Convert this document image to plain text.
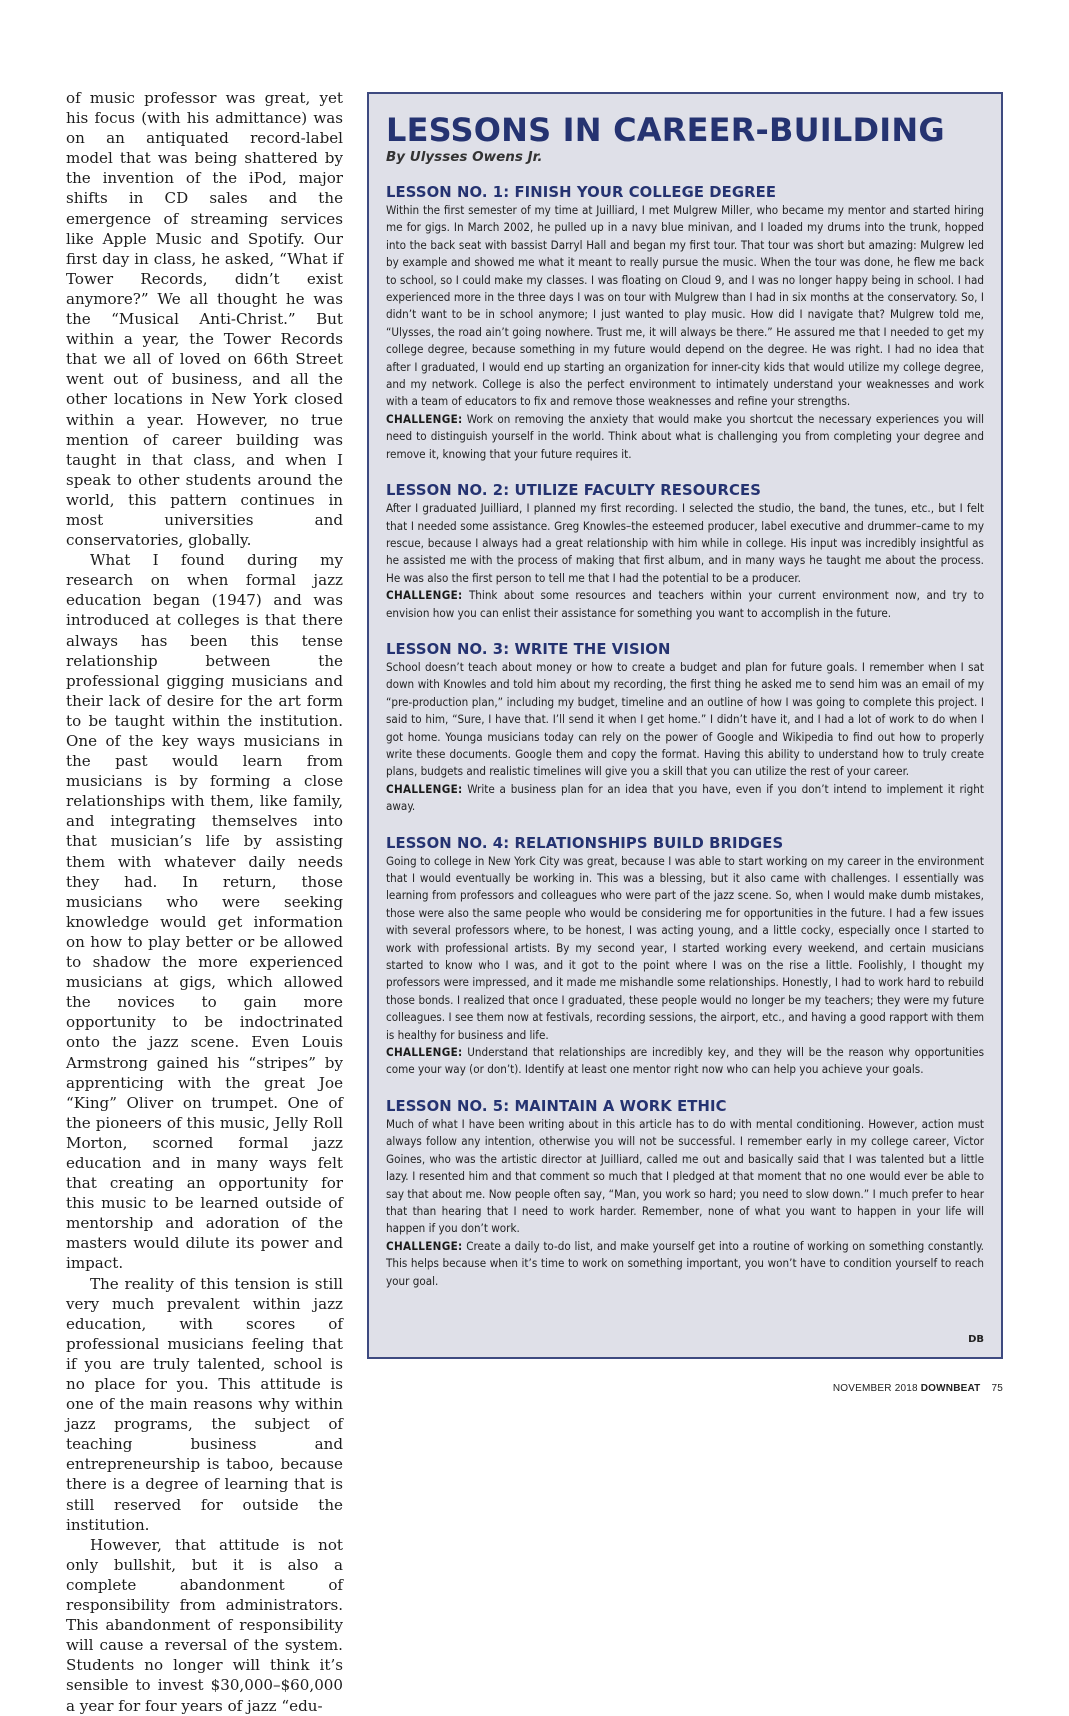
of music professor was great, yet his focus (with his admittance) was on an antiquated record-label model that was being shattered by the invention of the iPod, major shifts in CD sales and the emergence of streaming services like Apple Music and Spotify. Our first day in class, he asked, “What if Tower Records, didn’t exist anymore?” We all thought he was the “Musical Anti-Christ.” But within a year, the Tower Records that we all of loved on 66th Street went out of business, and all the other locations in New York closed within a year. However, no true mention of career building was taught in that class, and when I speak to other students around the world, this pattern continues in most universities and conservatories, globally.

What I found during my research on when formal jazz education began (1947) and was introduced at colleges is that there always has been this tense relationship between the professional gigging musicians and their lack of desire for the art form to be taught within the institution. One of the key ways musicians in the past would learn from musicians is by forming a close relationships with them, like family, and integrating themselves into that musician’s life by assisting them with whatever daily needs they had. In return, those musicians who were seeking knowledge would get information on how to play better or be allowed to shadow the more experienced musicians at gigs, which allowed the novices to gain more opportunity to be indoctrinated onto the jazz scene. Even Louis Armstrong gained his “stripes” by apprenticing with the great Joe “King” Oliver on trumpet. One of the pioneers of this music, Jelly Roll Morton, scorned formal jazz education and in many ways felt that creating an opportunity for this music to be learned outside of mentorship and adoration of the masters would dilute its power and impact.

The reality of this tension is still very much prevalent within jazz education, with scores of professional musicians feeling that if you are truly talented, school is no place for you. This attitude is one of the main reasons why within jazz programs, the subject of teaching business and entrepreneurship is taboo, because there is a degree of learning that is still reserved for outside the institution.

However, that attitude is not only bullshit, but it is also a complete abandonment of responsibility from administrators. This abandonment of responsibility will cause a reversal of the system. Students no longer will think it’s sensible to invest $30,000–$60,000 a year for four years of jazz “edu-

LESSONS IN CAREER-BUILDING
By Ulysses Owens Jr.
LESSON NO. 1: FINISH YOUR COLLEGE DEGREE

Within the first semester of my time at Juilliard, I met Mulgrew Miller, who became my mentor and started hiring me for gigs. In March 2002, he pulled up in a navy blue minivan, and I loaded my drums into the trunk, hopped into the back seat with bassist Darryl Hall and began my first tour. That tour was short but amazing: Mulgrew led by example and showed me what it meant to really pursue the music. When the tour was done, he flew me back to school, so I could make my classes. I was floating on Cloud 9, and I was no longer happy being in school. I had experienced more in the three days I was on tour with Mulgrew than I had in six months at the conservatory. So, I didn’t want to be in school anymore; I just wanted to play music. How did I navigate that? Mulgrew told me, “Ulysses, the road ain’t going nowhere. Trust me, it will always be there.” He assured me that I needed to get my college degree, because something in my future would depend on the degree. He was right. I had no idea that after I graduated, I would end up starting an organization for inner-city kids that would utilize my college degree, and my network. College is also the perfect environment to intimately understand your weaknesses and work with a team of educators to fix and remove those weaknesses and refine your strengths.

CHALLENGE: Work on removing the anxiety that would make you shortcut the necessary experiences you will need to distinguish yourself in the world. Think about what is challenging you from completing your degree and remove it, knowing that your future requires it.

LESSON NO. 2: UTILIZE FACULTY RESOURCES

After I graduated Juilliard, I planned my first recording. I selected the studio, the band, the tunes, etc., but I felt that I needed some assistance. Greg Knowles–the esteemed producer, label executive and drummer–came to my rescue, because I always had a great relationship with him while in college. His input was incredibly insightful as he assisted me with the process of making that first album, and in many ways he taught me about the process. He was also the first person to tell me that I had the potential to be a producer.

CHALLENGE: Think about some resources and teachers within your current environment now, and try to envision how you can enlist their assistance for something you want to accomplish in the future.

LESSON NO. 3: WRITE THE VISION

School doesn’t teach about money or how to create a budget and plan for future goals. I remember when I sat down with Knowles and told him about my recording, the first thing he asked me to send him was an email of my “pre-production plan,” including my budget, timeline and an outline of how I was going to complete this project. I said to him, “Sure, I have that. I’ll send it when I get home.” I didn’t have it, and I had a lot of work to do when I got home. Younga musicians today can rely on the power of Google and Wikipedia to find out how to properly write these documents. Google them and copy the format. Having this ability to understand how to truly create plans, budgets and realistic timelines will give you a skill that you can utilize the rest of your career.

CHALLENGE: Write a business plan for an idea that you have, even if you don’t intend to implement it right away.

LESSON NO. 4: RELATIONSHIPS BUILD BRIDGES

Going to college in New York City was great, because I was able to start working on my career in the environment that I would eventually be working in. This was a blessing, but it also came with challenges. I essentially was learning from professors and colleagues who were part of the jazz scene. So, when I would make dumb mistakes, those were also the same people who would be considering me for opportunities in the future. I had a few issues with several professors where, to be honest, I was acting young, and a little cocky, especially once I started to work with professional artists. By my second year, I started working every weekend, and certain musicians started to know who I was, and it got to the point where I was on the rise a little. Foolishly, I thought my professors were impressed, and it made me mishandle some relationships. Honestly, I had to work hard to rebuild those bonds. I realized that once I graduated, these people would no longer be my teachers; they were my future colleagues. I see them now at festivals, recording sessions, the airport, etc., and having a good rapport with them is healthy for business and life.

CHALLENGE: Understand that relationships are incredibly key, and they will be the reason why opportunities come your way (or don’t). Identify at least one mentor right now who can help you achieve your goals.

LESSON NO. 5: MAINTAIN A WORK ETHIC

Much of what I have been writing about in this article has to do with mental conditioning. However, action must always follow any intention, otherwise you will not be successful. I remember early in my college career, Victor Goines, who was the artistic director at Juilliard, called me out and basically said that I was talented but a little lazy. I resented him and that comment so much that I pledged at that moment that no one would ever be able to say that about me. Now people often say, “Man, you work so hard; you need to slow down.” I much prefer to hear that than hearing that I need to work harder. Remember, none of what you want to happen in your life will happen if you don’t work.

CHALLENGE: Create a daily to-do list, and make yourself get into a routine of working on something constantly. This helps because when it’s time to work on something important, you won’t have to condition yourself to reach your goal.

DB
NOVEMBER 2018 DOWNBEAT 75
